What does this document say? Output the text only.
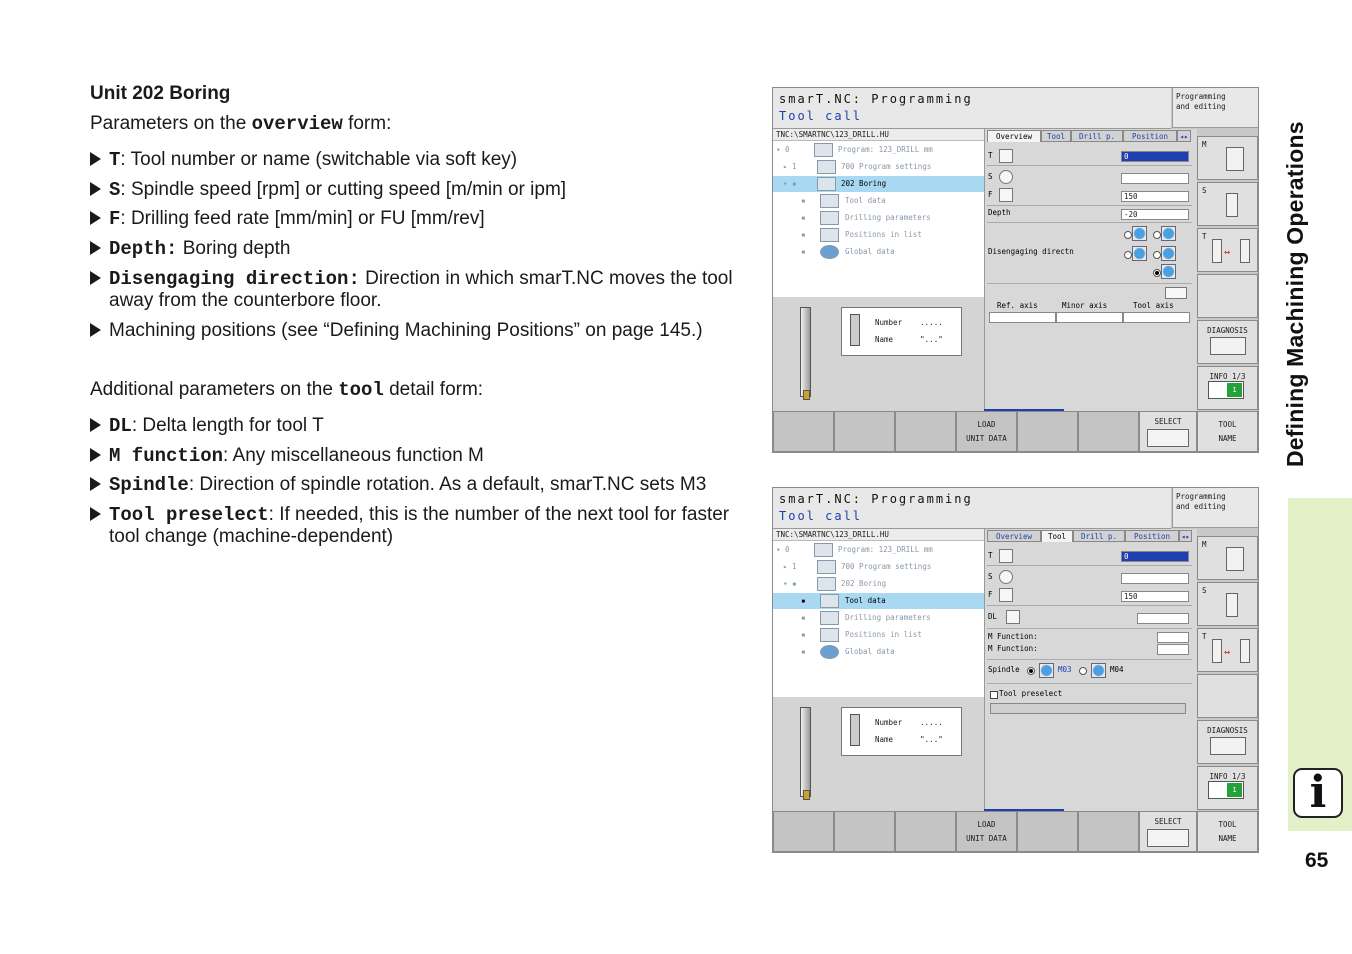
Unit 202 Boring
Parameters on the overview form:
T: Tool number or name (switchable via soft key)
S: Spindle speed [rpm] or cutting speed [m/min or ipm]
F: Drilling feed rate [mm/min] or FU [mm/rev]
Depth: Boring depth
Disengaging direction: Direction in which smarT.NC moves the tool away from the counterbore floor.
Machining positions (see “Defining Machining Positions” on page 145.)
Additional parameters on the tool detail form:
DL: Delta length for tool T
M function: Any miscellaneous function M
Spindle: Direction of spindle rotation. As a default, smarT.NC sets M3
Tool preselect: If needed, this is the number of the next tool for faster tool change (machine-dependent)
smarT.NC: Programming
Tool call
Programming
and editing
TNC:\SMARTNC\123_DRILL.HU
▾ 0	Program: 123_DRILL mm
▸ 1	700 Program settings
▾ ▪	202 Boring
▪	Tool data
▪	Drilling parameters
▪	Positions in list
▪	Global data
Number .....
Name	"..."
Overview	Tool	Drill p.	Position	◂▸
T	0
S
F	150
Depth	-20
Disengaging directn
Ref. axis	Minor axis	Tool axis
M
S
T
↔
DIAGNOSIS
INFO 1/3
1
LOAD
UNIT DATA
SELECT	TOOL
NAME
smarT.NC: Programming
Tool call
Programming
and editing
TNC:\SMARTNC\123_DRILL.HU
▾ 0	Program: 123_DRILL mm
▸ 1	700 Program settings
▾ ▪	202 Boring
▪	Tool data
▪	Drilling parameters
▪	Positions in list
▪	Global data
Number .....
Name	"..."
Overview	Tool	Drill p.	Position	◂▸
T	0
S
F	150
DL
M Function:
M Function:
Spindle	M03	M04
Tool preselect
M
S
T
↔
DIAGNOSIS
INFO 1/3
1
LOAD
UNIT DATA
SELECT	TOOL
NAME
Defining Machining Operations
i
65
